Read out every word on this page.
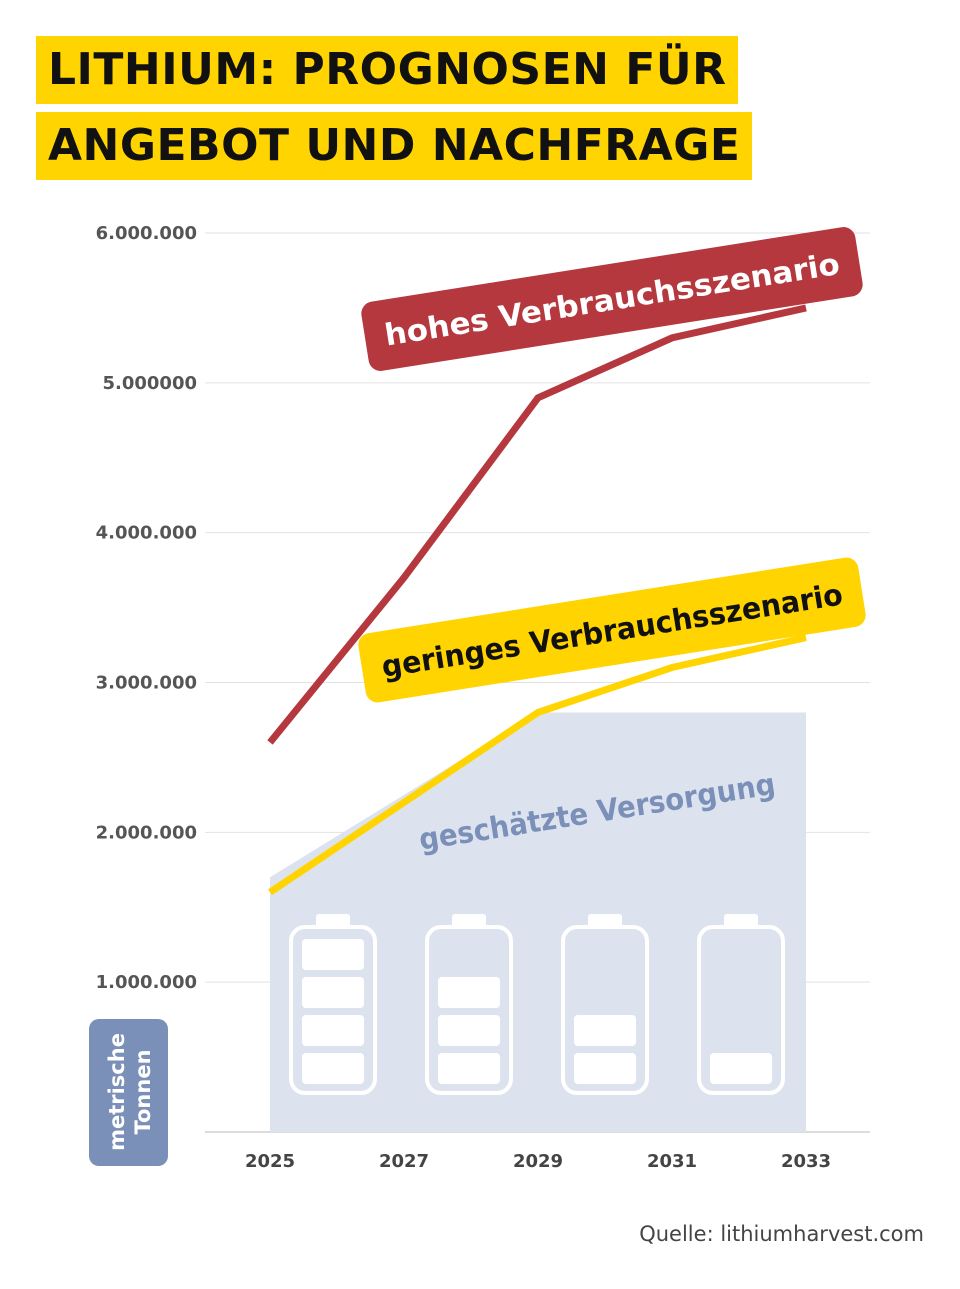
LITHIUM: PROGNOSEN FÜR
ANGEBOT UND NACHFRAGE
hohes Verbrauchsszenario
geringes Verbrauchsszenario
geschätzte Versorgung
6.000.000
5.000000
4.000.000
3.000.000
2.000.000
1.000.000
2025	2027	2029	2031	2033
metrischeTonnen
Quelle: lithiumharvest.com
